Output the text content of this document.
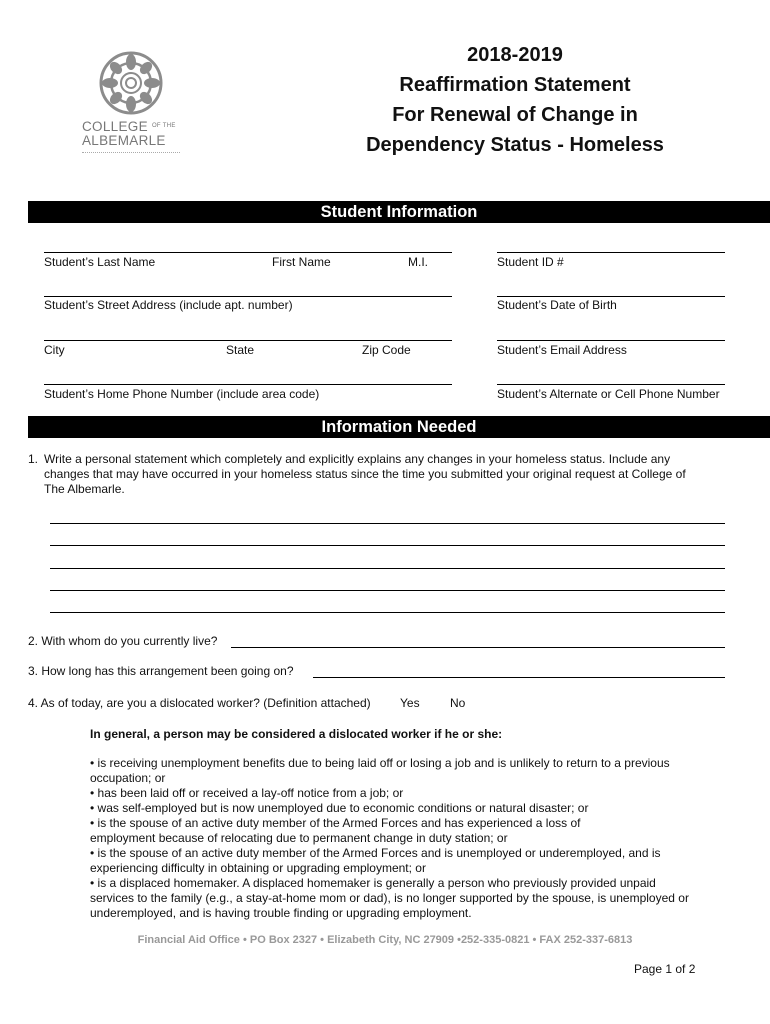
COLLEGE OF THE
ALBEMARLE
2018-2019
Reaffirmation Statement
For Renewal of Change in
Dependency Status - Homeless
Student Information
Student’s Last Name	First Name	M.I.	Student ID #
Student’s Street Address (include apt. number)	Student’s Date of Birth
City	State	Zip Code	Student’s Email Address
Student’s Home Phone Number (include area code)	Student’s Alternate or Cell Phone Number
Information Needed
1. Write a personal statement which completely and explicitly explains any changes in your homeless status. Include any
changes that may have occurred in your homeless status since the time you submitted your original request at College of
The Albemarle.
2. With whom do you currently live?
3. How long has this arrangement been going on?
4. As of today, are you a dislocated worker? (Definition attached) Yes	No
In general, a person may be considered a dislocated worker if he or she:
• is receiving unemployment benefits due to being laid off or losing a job and is unlikely to return to a previous
occupation; or
• has been laid off or received a lay-off notice from a job; or
• was self-employed but is now unemployed due to economic conditions or natural disaster; or
• is the spouse of an active duty member of the Armed Forces and has experienced a loss of
employment because of relocating due to permanent change in duty station; or
• is the spouse of an active duty member of the Armed Forces and is unemployed or underemployed, and is
experiencing difficulty in obtaining or upgrading employment; or
• is a displaced homemaker. A displaced homemaker is generally a person who previously provided unpaid
services to the family (e.g., a stay-at-home mom or dad), is no longer supported by the spouse, is unemployed or
underemployed, and is having trouble finding or upgrading employment.
Financial Aid Office • PO Box 2327 • Elizabeth City, NC 27909 •252-335-0821 • FAX 252-337-6813
Page 1 of 2
